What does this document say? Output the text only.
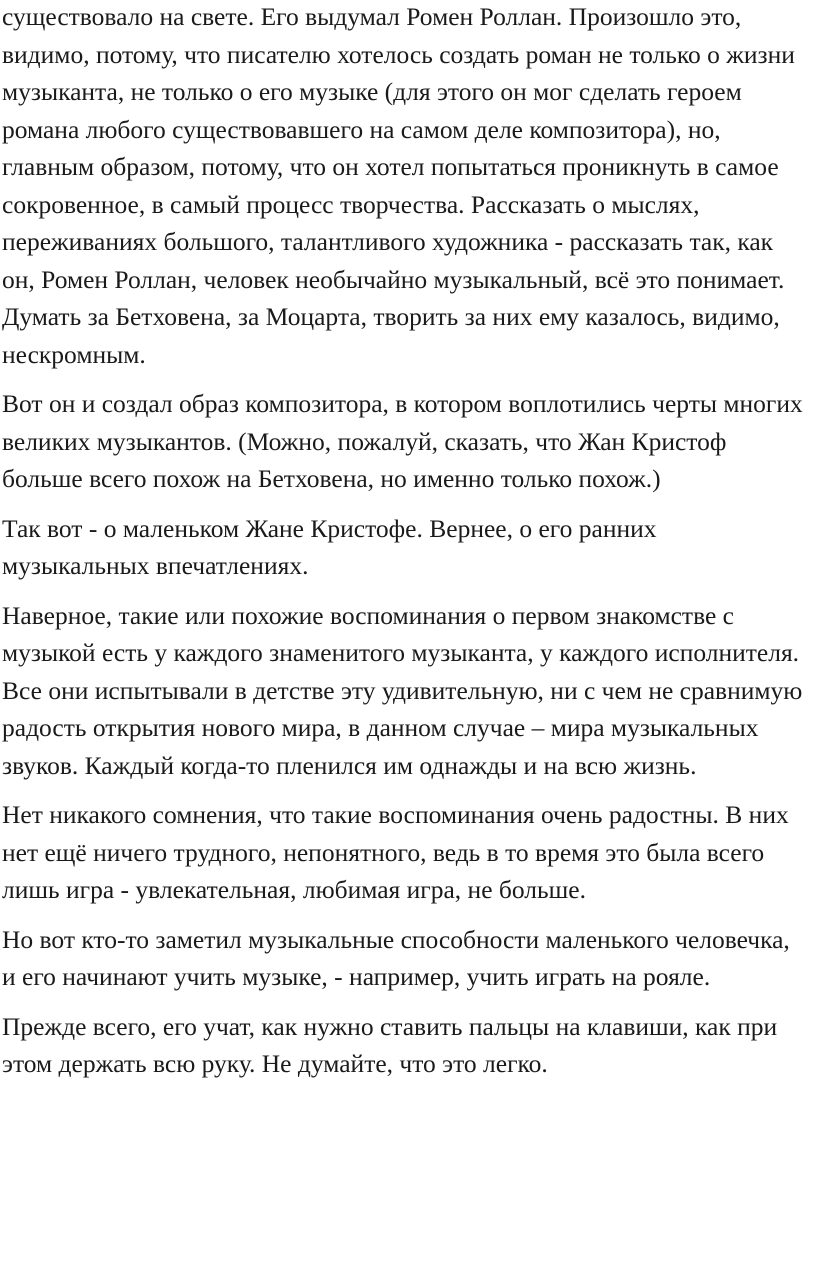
существовало на свете. Его выдумал Ромен Роллан. Произошло это, видимо, потому, что писателю хотелось создать роман не только о жизни музыканта, не только о его музыке (для этого он мог сделать героем романа любого существовавшего на самом деле композитора), но, главным образом, потому, что он хотел попытаться проникнуть в самое сокровенное, в самый процесс творчества. Рассказать о мыслях, переживаниях большого, талантливого художника - рассказать так, как он, Ромен Роллан, человек необычайно музыкальный, всё это понимает. Думать за Бетховена, за Моцарта, творить за них ему казалось, видимо, нескромным.

Вот он и создал образ композитора, в котором воплотились черты многих великих музыкантов. (Можно, пожалуй, сказать, что Жан Кристоф больше всего похож на Бетховена, но именно только похож.)

Так вот - о маленьком Жане Кристофе. Вернее, о его ранних музыкальных впечатлениях.

Наверное, такие или похожие воспоминания о первом знакомстве с музыкой есть у каждого знаменитого музыканта, у каждого исполнителя. Все они испытывали в детстве эту удивительную, ни с чем не сравнимую радость открытия нового мира, в данном случае – мира музыкальных звуков. Каждый когда-то пленился им однажды и на всю жизнь.

Нет никакого сомнения, что такие воспоминания очень радостны. В них нет ещё ничего трудного, непонятного, ведь в то время это была всего лишь игра - увлекательная, любимая игра, не больше.

Но вот кто-то заметил музыкальные способности маленького человечка, и его начинают учить музыке, - например, учить играть на рояле.

Прежде всего, его учат, как нужно ставить пальцы на клавиши, как при этом держать всю руку. Не думайте, что это легко.
